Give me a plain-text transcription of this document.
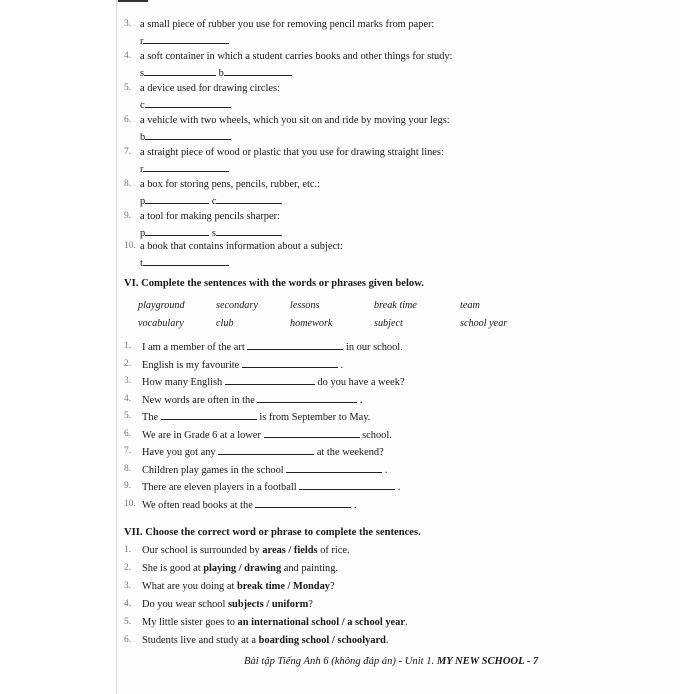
3. a small piece of rubber you use for removing pencil marks from paper:
r
4. a soft container in which a student carries books and other things for study:
s	b
5. a device used for drawing circles:
c
6. a vehicle with two wheels, which you sit on and ride by moving your legs:
b
7. a straight piece of wood or plastic that you use for drawing straight lines:
r
8. a box for storing pens, pencils, rubber, etc.:
p	c
9. a tool for making pencils sharper:
p	s
10. a book that contains information about a subject:
t
VI. Complete the sentences with the words or phrases given below.
playground	secondary	lessons	break time	team
vocabulary	club	homework	subject	school year
1. I am a member of the art	in our school.
2. English is my favourite	.
3. How many English	do you have a week?
4. New words are often in the	.
5. The	is from September to May.
6. We are in Grade 6 at a lower	school.
7. Have you got any	at the weekend?
8. Children play games in the school	.
9. There are eleven players in a football	.
10. We often read books at the	.
VII. Choose the correct word or phrase to complete the sentences.
1. Our school is surrounded by areas / fields of rice.
2. She is good at playing / drawing and painting.
3. What are you doing at break time / Monday?
4. Do you wear school subjects / uniform?
5. My little sister goes to an international school / a school year.
6. Students live and study at a boarding school / schoolyard.
Bài tập Tiếng Anh 6 (không đáp án) - Unit 1. MY NEW SCHOOL - 7
